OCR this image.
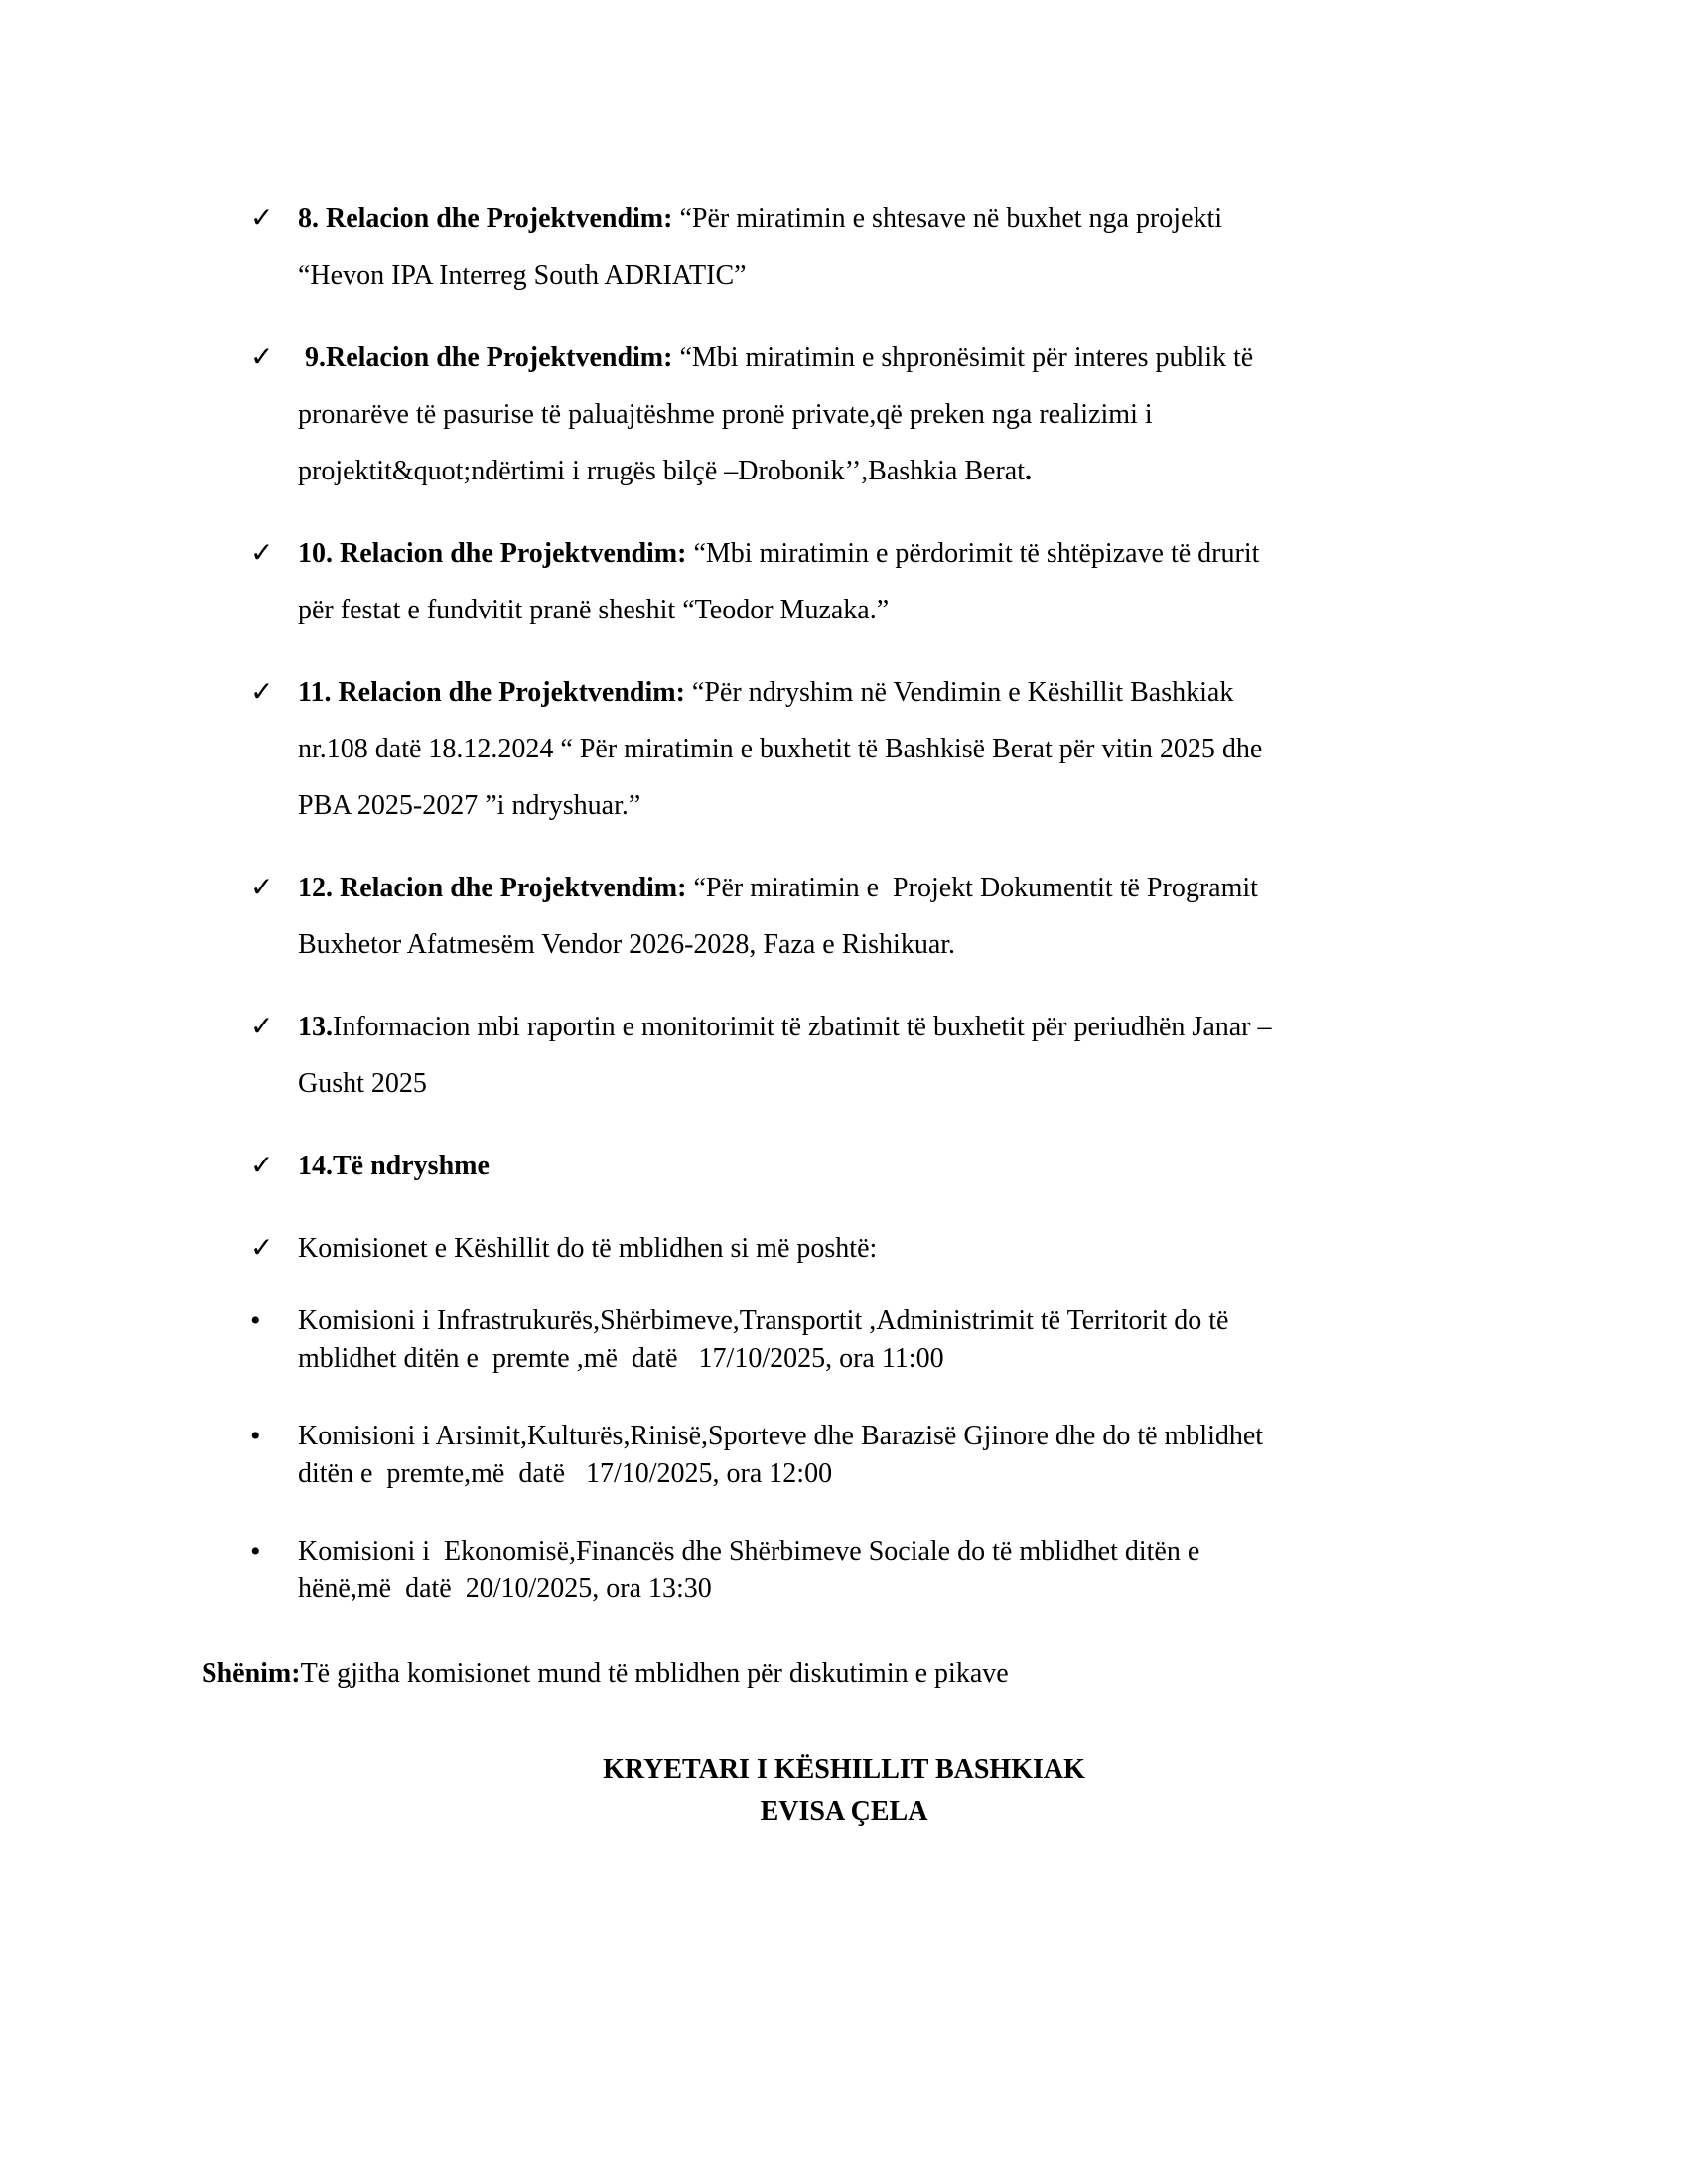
✓ 8. Relacion dhe Projektvendim: “Për miratimin e shtesave në buxhet nga projekti
“Hevon IPA Interreg South ADRIATIC”
✓ 9.Relacion dhe Projektvendim: “Mbi miratimin e shpronësimit për interes publik të
pronarëve të pasurise të paluajtëshme pronë private,që preken nga realizimi i
projektit&quot;ndërtimi i rrugës bilçë –Drobonik’’,Bashkia Berat.
✓ 10. Relacion dhe Projektvendim: “Mbi miratimin e përdorimit të shtëpizave të drurit
për festat e fundvitit pranë sheshit “Teodor Muzaka.”
✓ 11. Relacion dhe Projektvendim: “Për ndryshim në Vendimin e Këshillit Bashkiak
nr.108 datë 18.12.2024 “ Për miratimin e buxhetit të Bashkisë Berat për vitin 2025 dhe
PBA 2025-2027 ”i ndryshuar.”
✓ 12. Relacion dhe Projektvendim: “Për miratimin e  Projekt Dokumentit të Programit
Buxhetor Afatmesëm Vendor 2026-2028, Faza e Rishikuar.
✓ 13.Informacion mbi raportin e monitorimit të zbatimit të buxhetit për periudhën Janar –
Gusht 2025
✓ 14.Të ndryshme
✓ Komisionet e Këshillit do të mblidhen si më poshtë:
•	Komisioni i Infrastrukurës,Shërbimeve,Transportit ,Administrimit të Territorit do të
mblidhet ditën e  premte ,më  datë   17/10/2025, ora 11:00
•	Komisioni i Arsimit,Kulturës,Rinisë,Sporteve dhe Barazisë Gjinore dhe do të mblidhet
ditën e  premte,më  datë   17/10/2025, ora 12:00
•	Komisioni i  Ekonomisë,Financës dhe Shërbimeve Sociale do të mblidhet ditën e
hënë,më  datë  20/10/2025, ora 13:30

Shënim:Të gjitha komisionet mund të mblidhen për diskutimin e pikave

KRYETARI I KËSHILLIT BASHKIAK
EVISA ÇELA
